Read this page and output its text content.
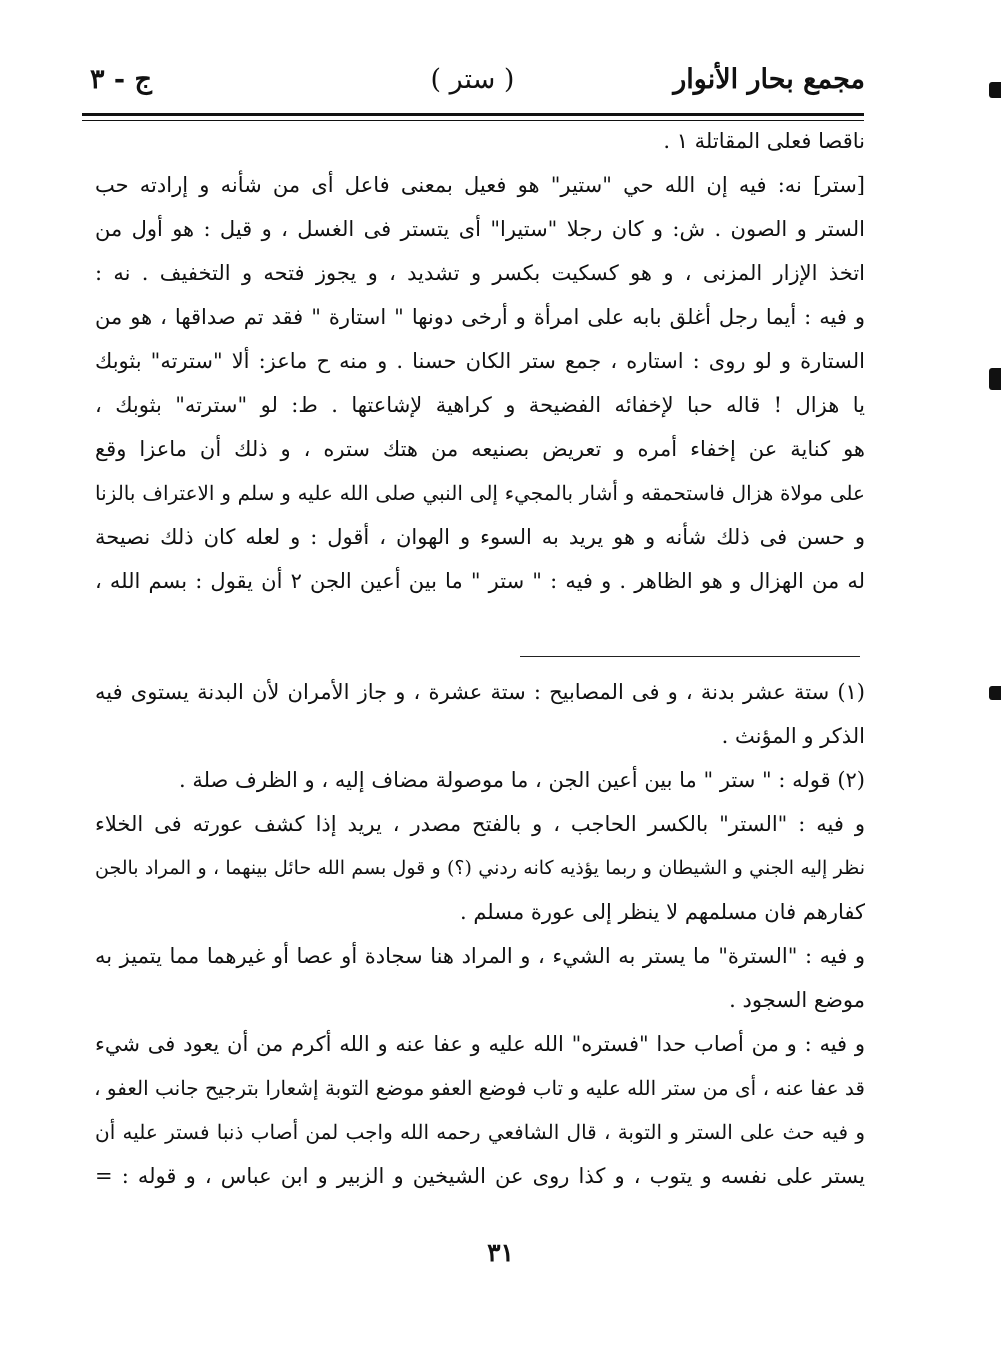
مجمع بحار الأنوار
( ستر )
ج - ٣
ناقصا فعلى المقاتلة ١ .
[ستر] نه: فيه إن الله حي "ستير" هو فعيل بمعنى فاعل أى من شأنه و إرادته حب
الستر و الصون . ش: و كان رجلا "ستيرا" أى يتستر فى الغسل ، و قيل : هو أول من
اتخذ الإزار المزنى ، و هو كسكيت بكسر و تشديد ، و يجوز فتحه و التخفيف . نه :
و فيه : أيما رجل أغلق بابه على امرأة و أرخى دونها " استارة " فقد تم صداقها ، هو من
الستارة و لو روى : استاره ، جمع ستر الكان حسنا . و منه ح ماعز: ألا "سترته" بثوبك
يا هزال ! قاله حبا لإخفائه الفضيحة و كراهية لإشاعتها . ط: لو "سترته" بثوبك ،
هو كناية عن إخفاء أمره و تعريض بصنيعه من هتك ستره ، و ذلك أن ماعزا وقع
على مولاة هزال فاستحمقه و أشار بالمجيء إلى النبي صلى الله عليه و سلم و الاعتراف بالزنا
و حسن فى ذلك شأنه و هو يريد به السوء و الهوان ، أقول : و لعله كان ذلك نصيحة
له من الهزال و هو الظاهر . و فيه : " ستر " ما بين أعين الجن ٢ أن يقول : بسم الله ،
(١) ستة عشر بدنة ، و فى المصابيح : ستة عشرة ، و جاز الأمران لأن البدنة يستوى فيه
الذكر و المؤنث .
(٢) قوله : " ستر " ما بين أعين الجن ، ما موصولة مضاف إليه ، و الظرف صلة .
و فيه : "الستر" بالكسر الحاجب ، و بالفتح مصدر ، يريد إذا كشف عورته فى الخلاء
نظر إليه الجني و الشيطان و ربما يؤذيه كانه ردني (؟) و قول بسم الله حائل بينهما ، و المراد بالجن
كفارهم فان مسلمهم لا ينظر إلى عورة مسلم .
و فيه : "السترة" ما يستر به الشيء ، و المراد هنا سجادة أو عصا أو غيرهما مما يتميز به
موضع السجود .
و فيه : و من أصاب حدا "فستره" الله عليه و عفا عنه و الله أكرم من أن يعود فى شيء
قد عفا عنه ، أى من ستر الله عليه و تاب فوضع العفو موضع التوبة إشعارا بترجيح جانب العفو ،
و فيه حث على الستر و التوبة ، قال الشافعي رحمه الله واجب لمن أصاب ذنبا فستر عليه أن
يستر على نفسه و يتوب ، و كذا روى عن الشيخين و الزبير و ابن عباس ، و قوله : =
٣١
